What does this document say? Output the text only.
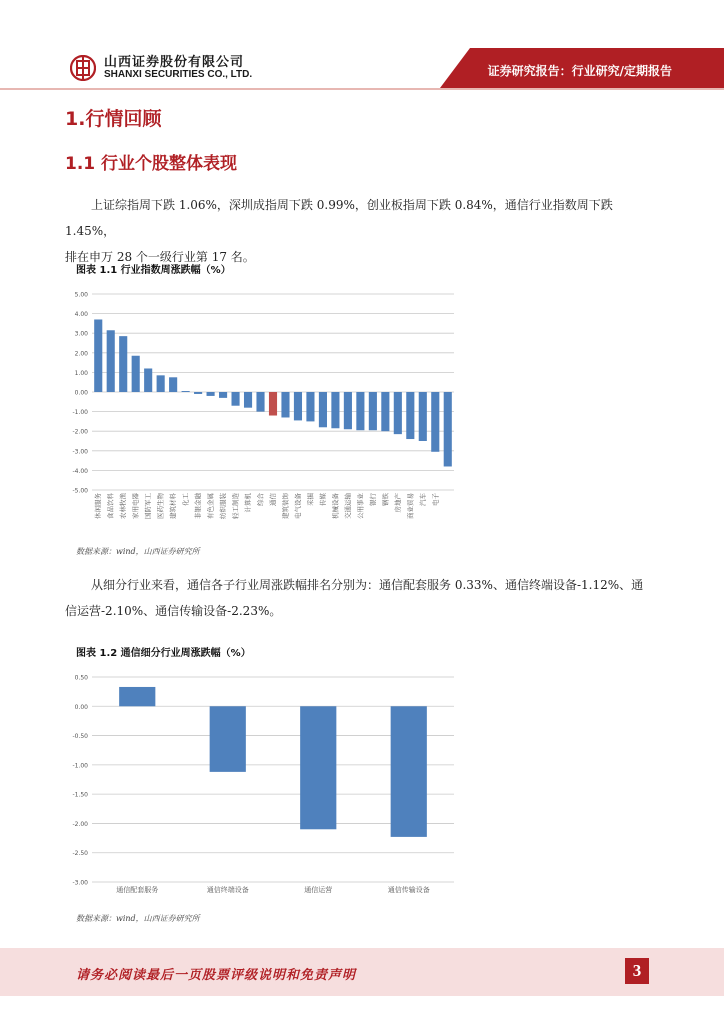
山西证券股份有限公司
SHANXI SECURITIES CO., LTD.	证券研究报告：行业研究/定期报告
1.行情回顾
1.1 行业个股整体表现
上证综指周下跌 1.06%，深圳成指周下跌 0.99%，创业板指周下跌 0.84%，通信行业指数周下跌 1.45%，
排在申万 28 个一级行业第 17 名。
图表 1.1 行业指数周涨跌幅（%）
5.00
4.00
3.00
2.00
1.00
0.00
-1.00
-2.00
-3.00
-4.00
-5.00
休闲服务 食品饮料 农林牧渔 家用电器 国防军工 医药生物 建筑材料 化工 非银金融 有色金属 纺织服装 轻工制造 计算机 综合 通信 建筑装饰 电气设备 采掘 传媒 机械设备 交通运输 公用事业 银行 钢铁 房地产 商业贸易 汽车 电子
数据来源：wind，山西证券研究所
从细分行业来看，通信各子行业周涨跌幅排名分别为：通信配套服务 0.33%、通信终端设备-1.12%、通
信运营-2.10%、通信传输设备-2.23%。
图表 1.2 通信细分行业周涨跌幅（%）
0.50
0.00
-0.50
-1.00
-1.50
-2.00
-2.50
-3.00
通信配套服务	通信终端设备	通信运营	通信传输设备
数据来源：wind，山西证券研究所
请务必阅读最后一页股票评级说明和免责声明	3
